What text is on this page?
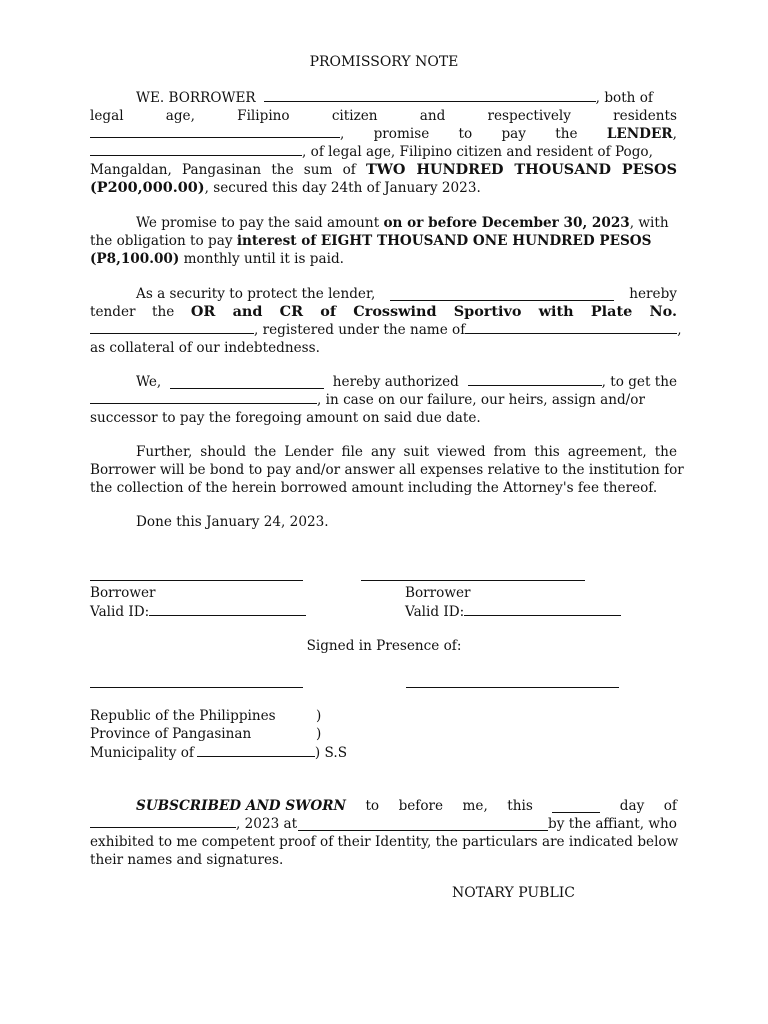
PROMISSORY NOTE
WE. BORROWER	, both of
legal	age,	Filipino	citizen	and	respectively	residents
, promise to pay the LENDER,
, of legal age, Filipino citizen and resident of Pogo,
Mangaldan, Pangasinan the sum of TWO HUNDRED THOUSAND PESOS
(P200,000.00), secured this day 24th of January 2023.
We promise to pay the said amount on or before December 30, 2023, with
the obligation to pay interest of EIGHT THOUSAND ONE HUNDRED PESOS
(P8,100.00) monthly until it is paid.
As a security to protect the lender,	hereby
tender the OR and CR of Crosswind Sportivo with Plate No.
, registered under the name of	,
as collateral of our indebtedness.
We,	hereby authorized	, to get the
, in case on our failure, our heirs, assign and/or
successor to pay the foregoing amount on said due date.
Further, should the Lender file any suit viewed from this agreement, the
Borrower will be bond to pay and/or answer all expenses relative to the institution for
the collection of the herein borrowed amount including the Attorney's fee thereof.
Done this January 24, 2023.
Borrower	Borrower
Valid ID:	Valid ID:
Signed in Presence of:
Republic of the Philippines	)
Province of Pangasinan	)
Municipality of	) S.S
SUBSCRIBED AND SWORN to before me, this	day of
, 2023 at	by the affiant, who
exhibited to me competent proof of their Identity, the particulars are indicated below
their names and signatures.
NOTARY PUBLIC
